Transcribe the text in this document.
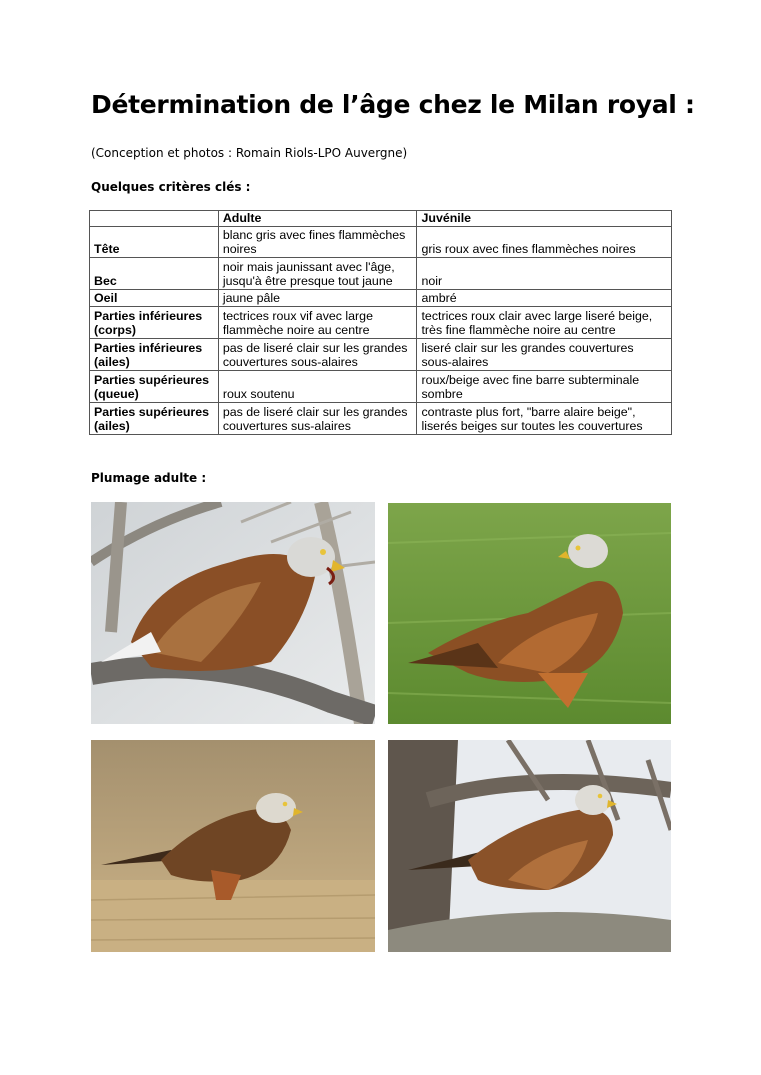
Détermination de l’âge chez le Milan royal :
(Conception et photos : Romain Riols-LPO Auvergne)
Quelques critères clés :
	Adulte	Juvénile
Tête	blanc gris avec fines flammèches noires	gris roux avec fines flammèches noires
Bec	noir mais jaunissant avec l'âge, jusqu'à être presque tout jaune	noir
Oeil	jaune pâle	ambré
Parties inférieures (corps)	tectrices roux vif avec large flammèche noire au centre	tectrices roux clair avec large liseré beige, très fine flammèche noire au centre
Parties inférieures (ailes)	pas de liseré clair sur les grandes couvertures sous-alaires	liseré clair sur les grandes couvertures sous-alaires
Parties supérieures (queue)	roux soutenu	roux/beige avec fine barre subterminale sombre
Parties supérieures (ailes)	pas de liseré clair sur les grandes couvertures sus-alaires	contraste plus fort, "barre alaire beige", liserés beiges sur toutes les couvertures
Plumage adulte :
